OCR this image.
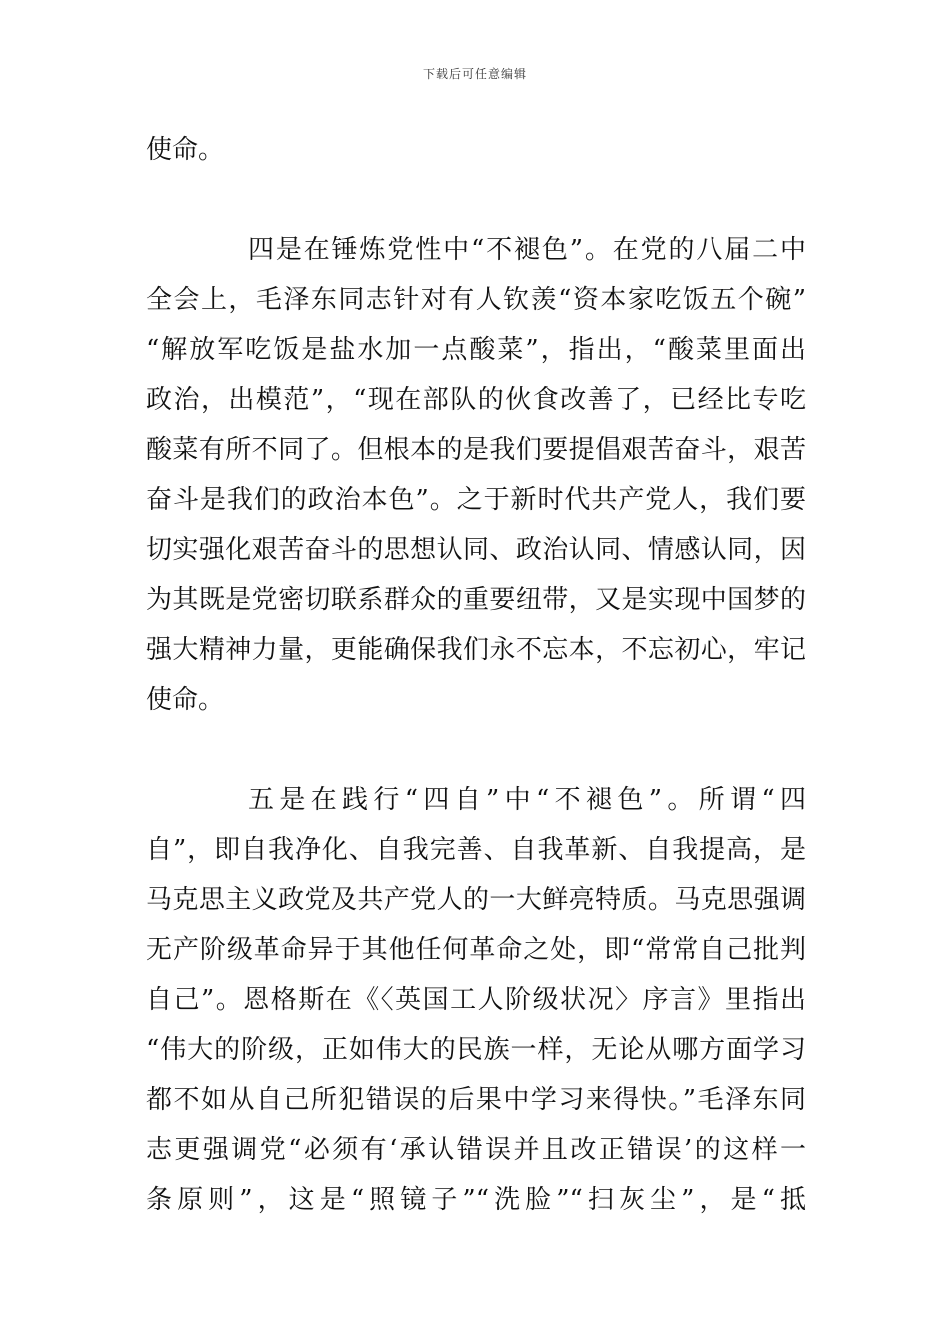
下载后可任意编辑
使命。
四是在锤炼党性中“不褪色”。在党的八届二中
全会上，毛泽东同志针对有人钦羡“资本家吃饭五个碗”
“解放军吃饭是盐水加一点酸菜”，指出，“酸菜里面出
政治，出模范”，“现在部队的伙食改善了，已经比专吃
酸菜有所不同了。但根本的是我们要提倡艰苦奋斗，艰苦
奋斗是我们的政治本色”。之于新时代共产党人，我们要
切实强化艰苦奋斗的思想认同、政治认同、情感认同，因
为其既是党密切联系群众的重要纽带，又是实现中国梦的
强大精神力量，更能确保我们永不忘本，不忘初心，牢记
使命。
五是在践行“四自”中“不褪色”。所谓“四
自”，即自我净化、自我完善、自我革新、自我提高，是
马克思主义政党及共产党人的一大鲜亮特质。马克思强调
无产阶级革命异于其他任何革命之处，即“常常自己批判
自己”。恩格斯在《〈英国工人阶级状况〉序言》里指出
“伟大的阶级，正如伟大的民族一样，无论从哪方面学习
都不如从自己所犯错误的后果中学习来得快。”毛泽东同
志更强调党“必须有‘承认错误并且改正错误’的这样一
条原则”，这是“照镜子”“洗脸”“扫灰尘”，是“抵
